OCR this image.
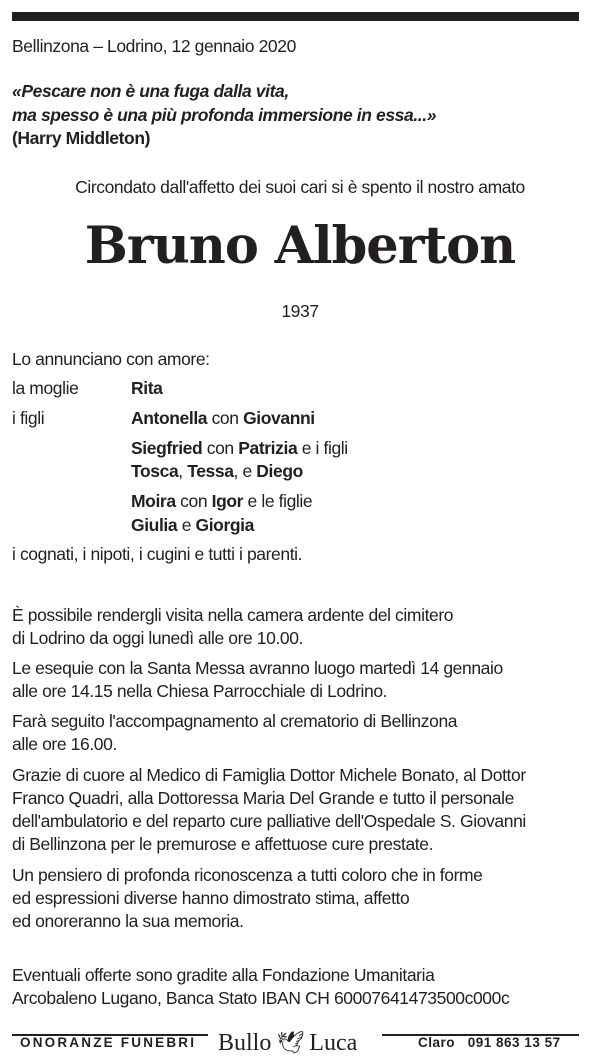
Bellinzona – Lodrino, 12 gennaio 2020
«Pescare non è una fuga dalla vita,
ma spesso è una più profonda immersione in essa...»
(Harry Middleton)
Circondato dall'affetto dei suoi cari si è spento il nostro amato
Bruno Alberton
1937
Lo annunciano con amore:
la moglie	Rita
i figli	Antonella con Giovanni
Siegfried con Patrizia e i figli
Tosca, Tessa, e Diego
Moira con Igor e le figlie
Giulia e Giorgia
i cognati, i nipoti, i cugini e tutti i parenti.
È possibile rendergli visita nella camera ardente del cimitero
di Lodrino da oggi lunedì alle ore 10.00.
Le esequie con la Santa Messa avranno luogo martedì 14 gennaio
alle ore 14.15 nella Chiesa Parrocchiale di Lodrino.
Farà seguito l'accompagnamento al crematorio di Bellinzona
alle ore 16.00.
Grazie di cuore al Medico di Famiglia Dottor Michele Bonato, al Dottor
Franco Quadri, alla Dottoressa Maria Del Grande e tutto il personale
dell'ambulatorio e del reparto cure palliative dell'Ospedale S. Giovanni
di Bellinzona per le premurose e affettuose cure prestate.
Un pensiero di profonda riconoscenza a tutti coloro che in forme
ed espressioni diverse hanno dimostrato stima, affetto
ed onoreranno la sua memoria.
Eventuali offerte sono gradite alla Fondazione Umanitaria
Arcobaleno Lugano, Banca Stato IBAN CH 60007641473500c000c
ONORANZE FUNEBRI Bullo 🕊 Luca	Claro   091 863 13 57
